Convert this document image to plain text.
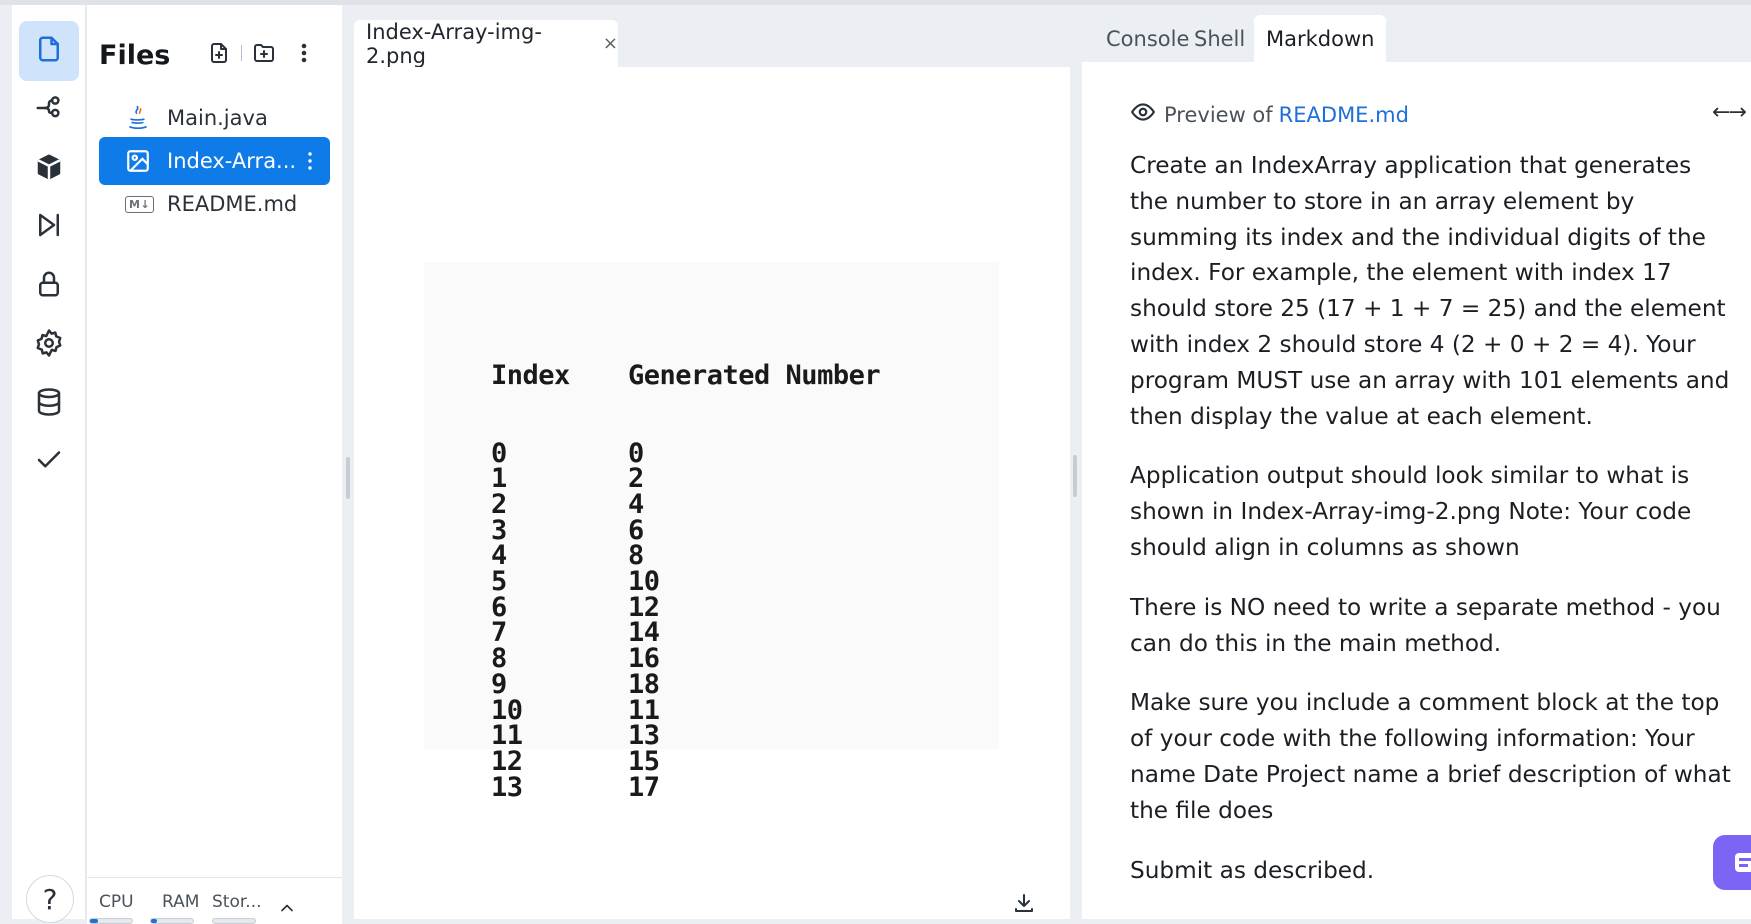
?
Files
Main.java
Index-Arra...
M↓ README.md
CPU RAM Stor...
Index-Array-img-2.png	×

Index Generated Number

0	0
1	2
2	4
3	6
4	8
5	10
6	12
7	14
8	16
9	18
10	11
11	13
12	15
13	17

Console Shell Markdown
Preview of README.md	←→

Create an IndexArray application that generates the number to store in an array element by summing its index and the individual digits of the index. For example, the element with index 17 should store 25 (17 + 1 + 7 = 25) and the element with index 2 should store 4 (2 + 0 + 2 = 4). Your program MUST use an array with 101 elements and then display the value at each element.

Application output should look similar to what is shown in Index-Array-img-2.png Note: Your code should align in columns as shown

There is NO need to write a separate method - you can do this in the main method.

Make sure you include a comment block at the top of your code with the following information: Your name Date Project name a brief description of what the file does

Submit as described.
